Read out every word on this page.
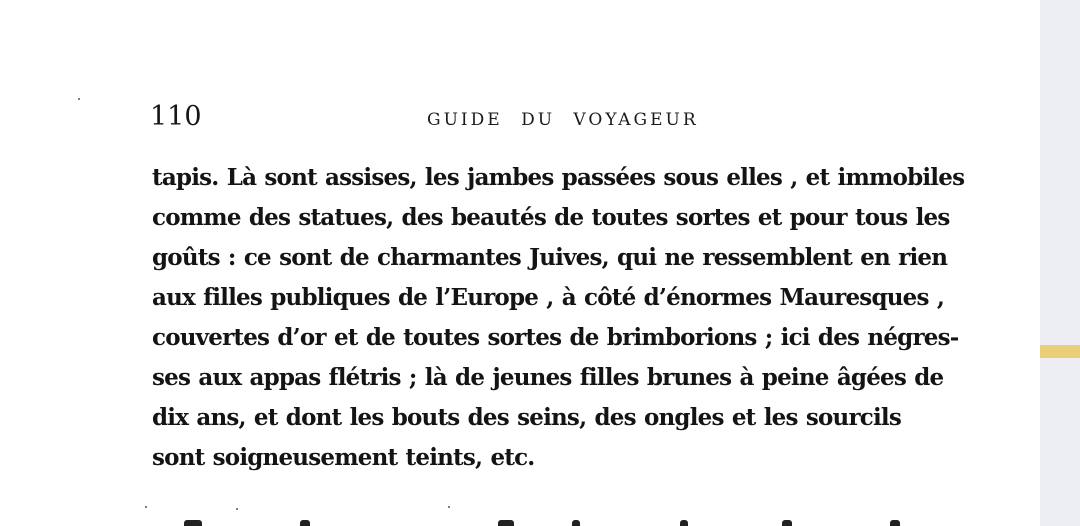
110	GUIDE DU VOYAGEUR
tapis. Là sont assises, les jambes passées sous elles , et immobiles
comme des statues, des beautés de toutes sortes et pour tous les
goûts : ce sont de charmantes Juives, qui ne ressemblent en rien
aux filles publiques de l’Europe , à côté d’énormes Mauresques ,
couvertes d’or et de toutes sortes de brimborions ; ici des négres-
ses aux appas flétris ; là de jeunes filles brunes à peine âgées de
dix ans, et dont les bouts des seins, des ongles et les sourcils
sont soigneusement teints, etc.
